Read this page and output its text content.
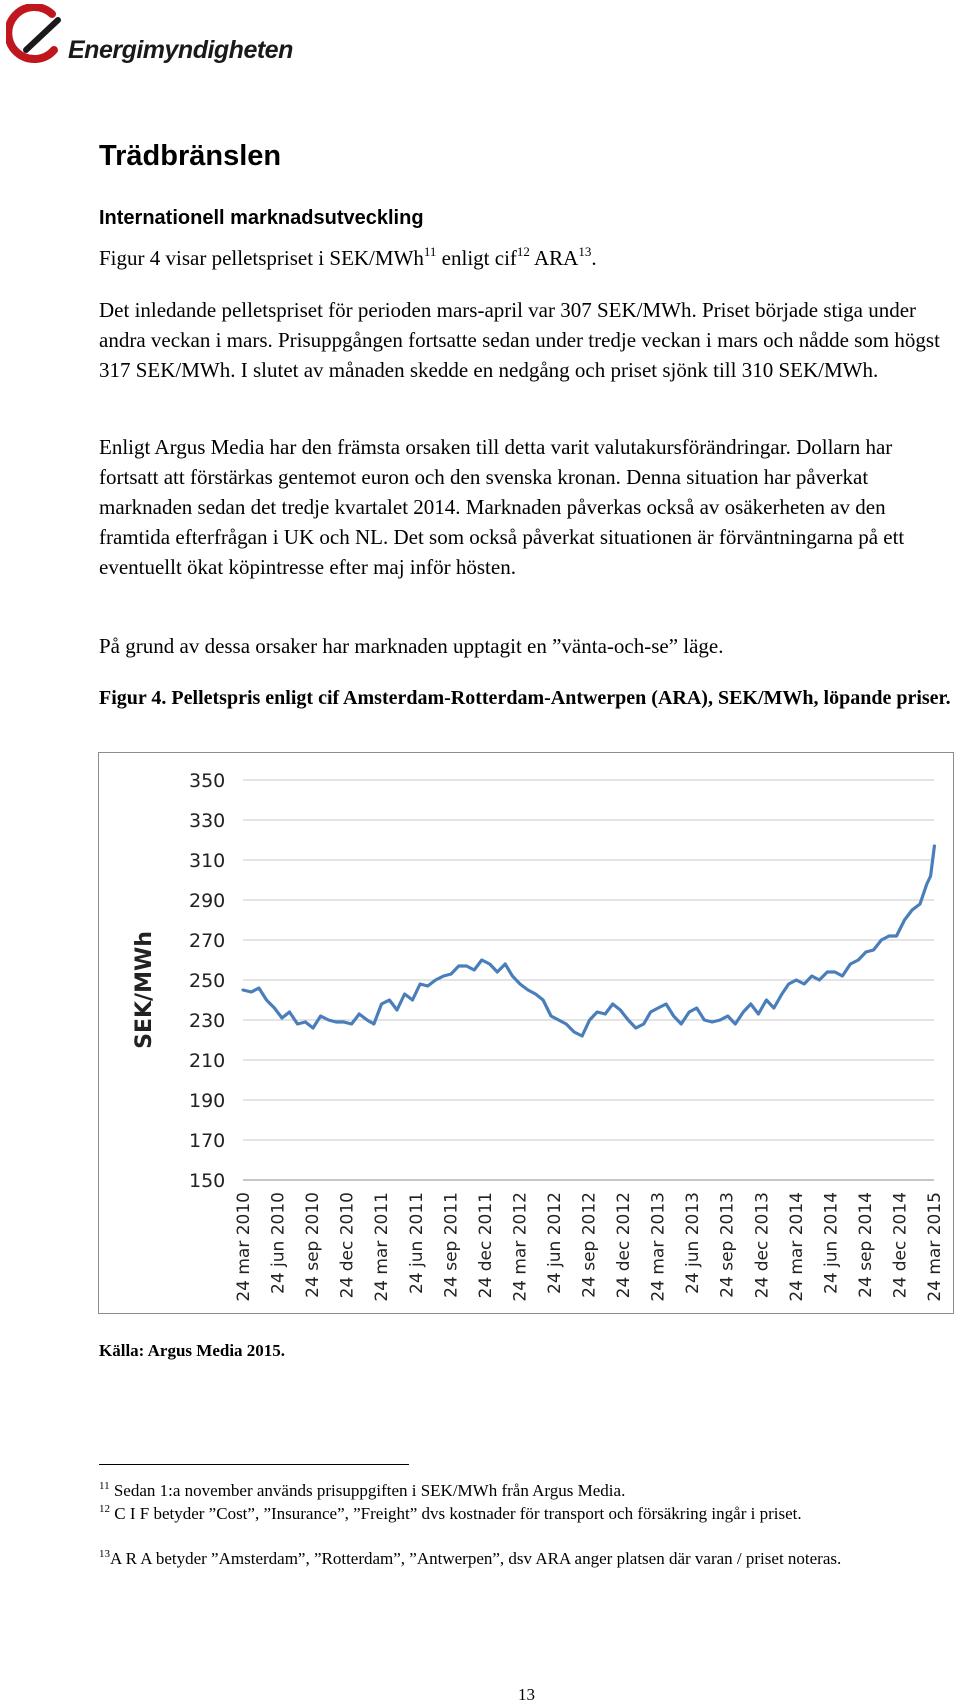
Energimyndigheten
Trädbränslen
Internationell marknadsutveckling

Figur 4 visar pelletspriset i SEK/MWh$^{11}$ enligt cif$^{12}$ ARA$^{13}$.

Det inledande pelletspriset för perioden mars-april var 307 SEK/MWh. Priset började stiga under andra veckan i mars. Prisuppgången fortsatte sedan under tredje veckan i mars och nådde som högst 317 SEK/MWh. I slutet av månaden skedde en nedgång och priset sjönk till 310 SEK/MWh.

Enligt Argus Media har den främsta orsaken till detta varit valutakursförändringar. Dollarn har fortsatt att förstärkas gentemot euron och den svenska kronan. Denna situation har påverkat marknaden sedan det tredje kvartalet 2014. Marknaden påverkas också av osäkerheten av den framtida efterfrågan i UK och NL. Det som också påverkat situationen är förväntningarna på ett eventuellt ökat köpintresse efter maj inför hösten.

På grund av dessa orsaker har marknaden upptagit en ”vänta-och-se” läge.

Figur 4. Pelletspris enligt cif Amsterdam-Rotterdam-Antwerpen (ARA), SEK/MWh, löpande priser.

350
330
310
290
270
250
230
210
190
170
150
SEK/MWh
24 mar 2010 24 jun 2010 24 sep 2010 24 dec 2010 24 mar 2011 24 jun 2011 24 sep 2011 24 dec 2011 24 mar 2012 24 jun 2012 24 sep 2012 24 dec 2012 24 mar 2013 24 jun 2013 24 sep 2013 24 dec 2013 24 mar 2014 24 jun 2014 24 sep 2014 24 dec 2014 24 mar 2015
Källa: Argus Media 2015.

$^{11}$ Sedan 1:a november används prisuppgiften i SEK/MWh från Argus Media.

$^{12}$ C I F betyder ”Cost”, ”Insurance”, ”Freight” dvs kostnader för transport och försäkring ingår i priset.

$^{13}$A R A betyder ”Amsterdam”, ”Rotterdam”, ”Antwerpen”, dsv ARA anger platsen där varan / priset noteras.

13
